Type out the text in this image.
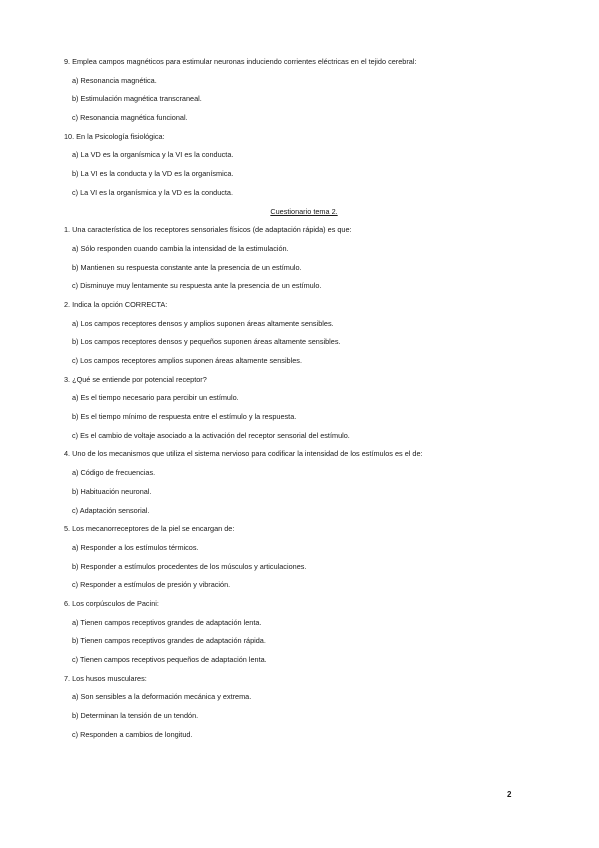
9. Emplea campos magnéticos para estimular neuronas induciendo corrientes eléctricas en el tejido cerebral:
a) Resonancia magnética.
b) Estimulación magnética transcraneal.
c) Resonancia magnética funcional.
10. En la Psicología fisiológica:
a) La VD es la organísmica y la VI es la conducta.
b) La VI es la conducta y la VD es la organísmica.
c) La VI es la organísmica y la VD es la conducta.
Cuestionario tema 2.
1. Una característica de los receptores sensoriales físicos (de adaptación rápida) es que:
a) Sólo responden cuando cambia la intensidad de la estimulación.
b) Mantienen su respuesta constante ante la presencia de un estímulo.
c) Disminuye muy lentamente su respuesta ante la presencia de un estímulo.
2. Indica la opción CORRECTA:
a) Los campos receptores densos y amplios suponen áreas altamente sensibles.
b) Los campos receptores densos y pequeños suponen áreas altamente sensibles.
c) Los campos receptores amplios suponen áreas altamente sensibles.
3. ¿Qué se entiende por potencial receptor?
a) Es el tiempo necesario para percibir un estímulo.
b) Es el tiempo mínimo de respuesta entre el estímulo y la respuesta.
c) Es el cambio de voltaje asociado a la activación del receptor sensorial del estímulo.
4. Uno de los mecanismos que utiliza el sistema nervioso para codificar la intensidad de los estímulos es el de:
a) Código de frecuencias.
b) Habituación neuronal.
c) Adaptación sensorial.
5. Los mecanorreceptores de la piel se encargan de:
a) Responder a los estímulos térmicos.
b) Responder a estímulos procedentes de los músculos y articulaciones.
c) Responder a estímulos de presión y vibración.
6. Los corpúsculos de Pacini:
a) Tienen campos receptivos grandes de adaptación lenta.
b) Tienen campos receptivos grandes de adaptación rápida.
c) Tienen campos receptivos pequeños de adaptación lenta.
7. Los husos musculares:
a) Son sensibles a la deformación mecánica y extrema.
b) Determinan la tensión de un tendón.
c) Responden a cambios de longitud.
2
